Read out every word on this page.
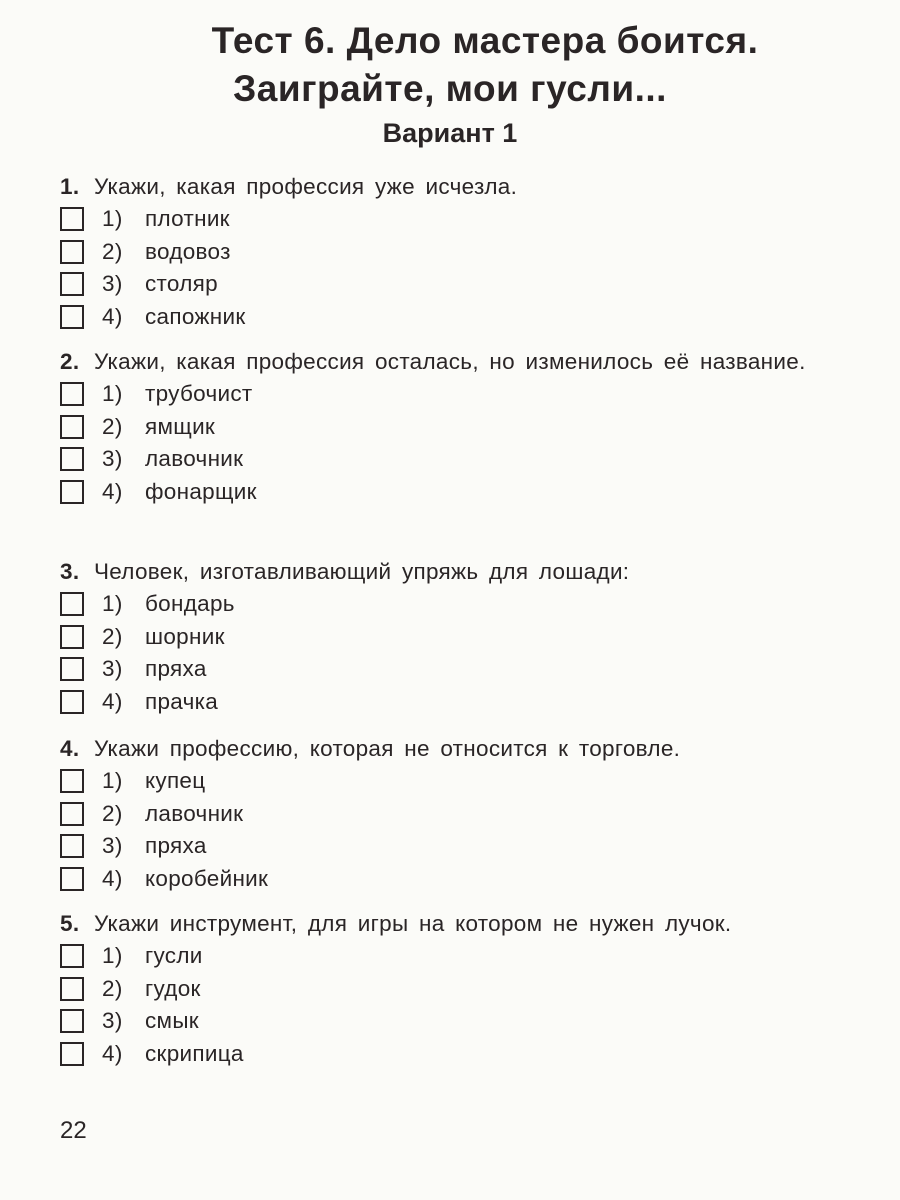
Тест 6. Дело мастера боится.
Заиграйте, мои гусли...
Вариант 1
1. Укажи, какая профессия уже исчезла.
1) плотник
2) водовоз
3) столяр
4) сапожник
2. Укажи, какая профессия осталась, но изменилось её название.
1) трубочист
2) ямщик
3) лавочник
4) фонарщик
3. Человек, изготавливающий упряжь для лошади:
1) бондарь
2) шорник
3) пряха
4) прачка
4. Укажи профессию, которая не относится к торговле.
1) купец
2) лавочник
3) пряха
4) коробейник
5. Укажи инструмент, для игры на котором не нужен лучок.
1) гусли
2) гудок
3) смык
4) скрипица
22
